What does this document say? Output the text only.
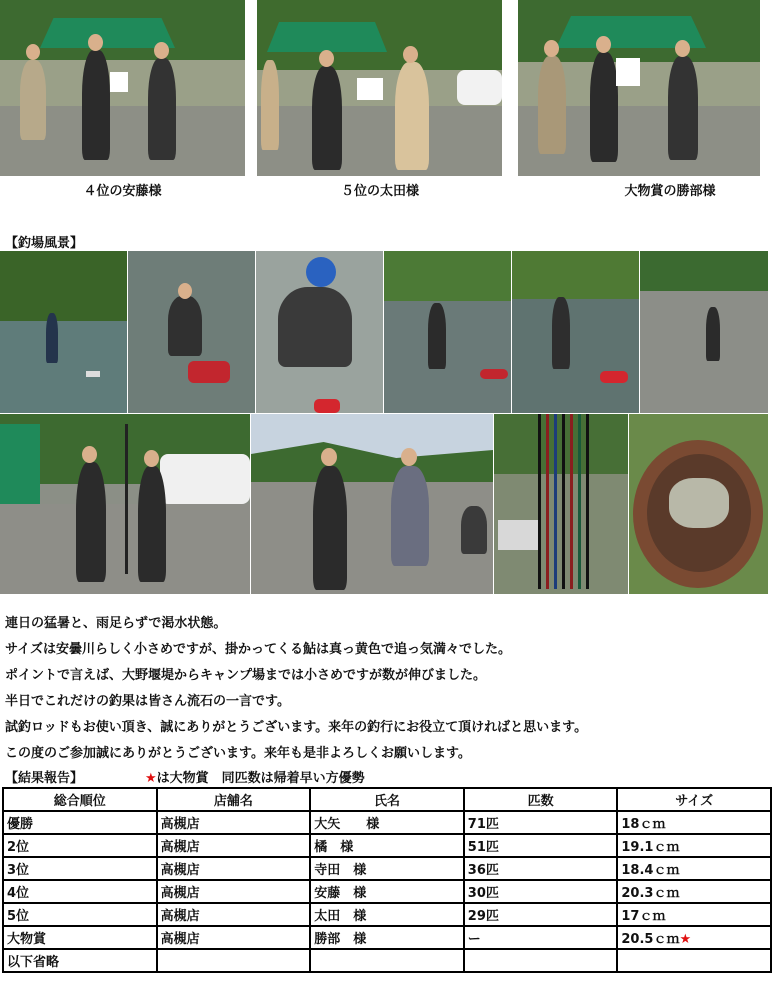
４位の安藤様	５位の太田様	大物賞の勝部様
【釣場風景】
連日の猛暑と、雨足らずで渇水状態。
サイズは安曇川らしく小さめですが、掛かってくる鮎は真っ黄色で追っ気満々でした。
ポイントで言えば、大野堰堤からキャンプ場までは小さめですが数が伸びました。
半日でこれだけの釣果は皆さん流石の一言です。
試釣ロッドもお使い頂き、誠にありがとうございます。来年の釣行にお役立て頂ければと思います。
この度のご参加誠にありがとうございます。来年も是非よろしくお願いします。
【結果報告】	★は大物賞　同匹数は帰着早い方優勢
総合順位	店舗名	氏名	匹数	サイズ
優勝	高槻店	大矢　　様	71匹	18ｃｍ
2位	高槻店	橘　様	51匹	19.1ｃｍ
3位	高槻店	寺田　様	36匹	18.4ｃｍ
4位	高槻店	安藤　様	30匹	20.3ｃｍ
5位	高槻店	太田　様	29匹	17ｃｍ
大物賞	高槻店	勝部　様	ー	20.5ｃｍ★
以下省略				
